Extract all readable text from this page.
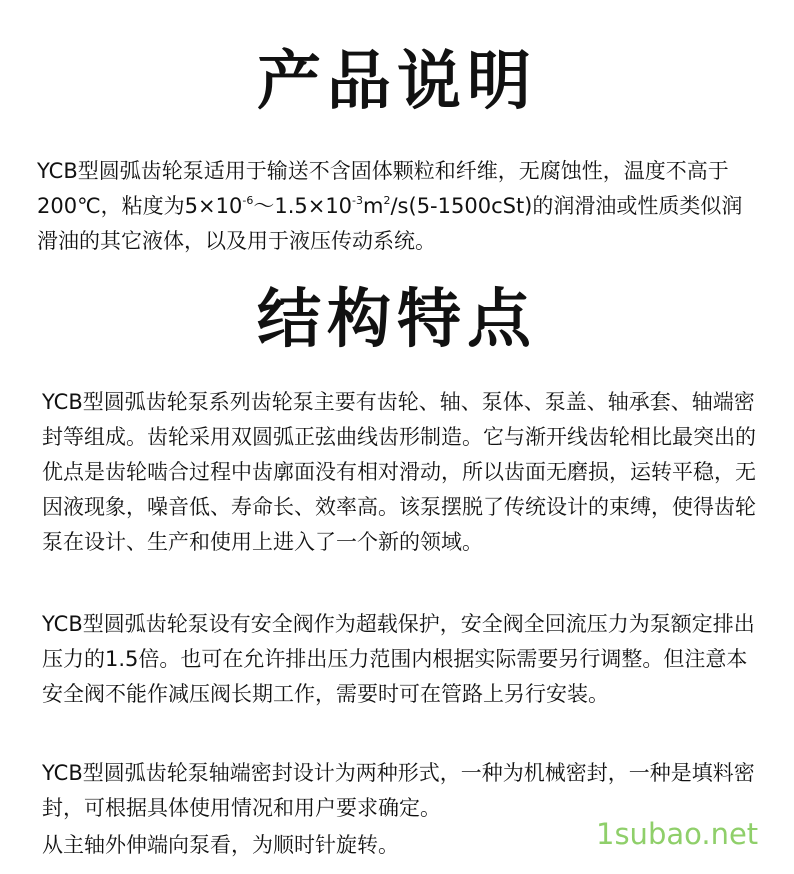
产品说明

YCB型圆弧齿轮泵适用于输送不含固体颗粒和纤维，无腐蚀性，温度不高于200℃，粘度为$5\times 10^{-6}\sim 1.5\times 10^{-3}m^2/s(5-1500cSt)$的润滑油或性质类似润滑油的其它液体，以及用于液压传动系统。

结构特点

YCB型圆弧齿轮泵系列齿轮泵主要有齿轮、轴、泵体、泵盖、轴承套、轴端密封等组成。齿轮采用双圆弧正弦曲线齿形制造。它与渐开线齿轮相比最突出的优点是齿轮啮合过程中齿廓面没有相对滑动，所以齿面无磨损，运转平稳，无因液现象，噪音低、寿命长、效率高。该泵摆脱了传统设计的束缚，使得齿轮泵在设计、生产和使用上进入了一个新的领域。

YCB型圆弧齿轮泵设有安全阀作为超载保护，安全阀全回流压力为泵额定排出压力的1.5倍。也可在允许排出压力范围内根据实际需要另行调整。但注意本安全阀不能作减压阀长期工作，需要时可在管路上另行安装。

YCB型圆弧齿轮泵轴端密封设计为两种形式，一种为机械密封，一种是填料密封，可根据具体使用情况和用户要求确定。

从主轴外伸端向泵看，为顺时针旋转。	1subao.net
